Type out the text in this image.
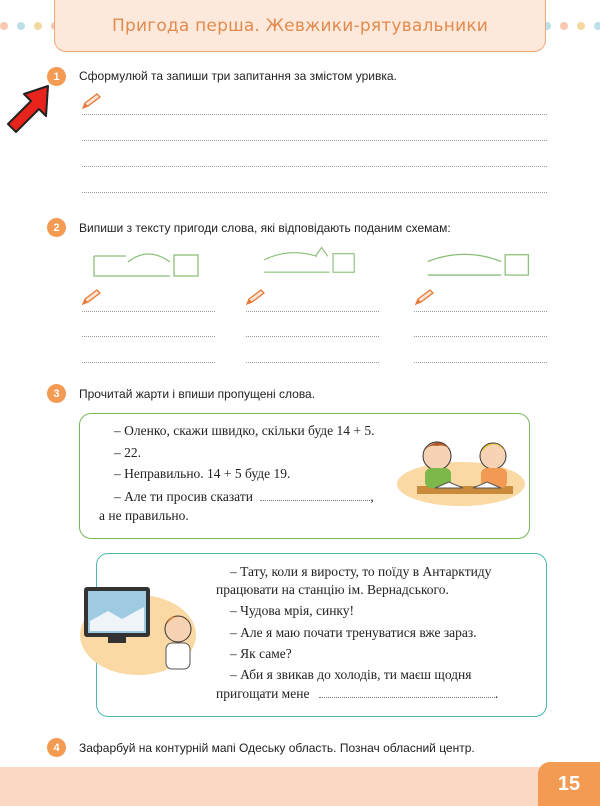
Пригода перша. Жевжики-рятувальники
1	Сформулюй та запиши три запитання за змістом уривка.
2	Випиши з тексту пригоди слова, які відповідають поданим схемам:
3	Прочитай жарти і впиши пропущені слова.
– Оленко, скажи швидко, скільки буде 14 + 5.
– 22.
– Неправильно. 14 + 5 буде 19.
– Але ти просив сказати	,
а не правильно.
– Тату, коли я виросту, то поїду в Антарктиду
працювати на станцію ім. Вернадського.
– Чудова мрія, синку!
– Але я маю почати тренуватися вже зараз.
– Як саме?
– Аби я звикав до холодів, ти маєш щодня
пригощати мене	.
4	Зафарбуй на контурній мапі Одеську область. Познач обласний центр.
15
